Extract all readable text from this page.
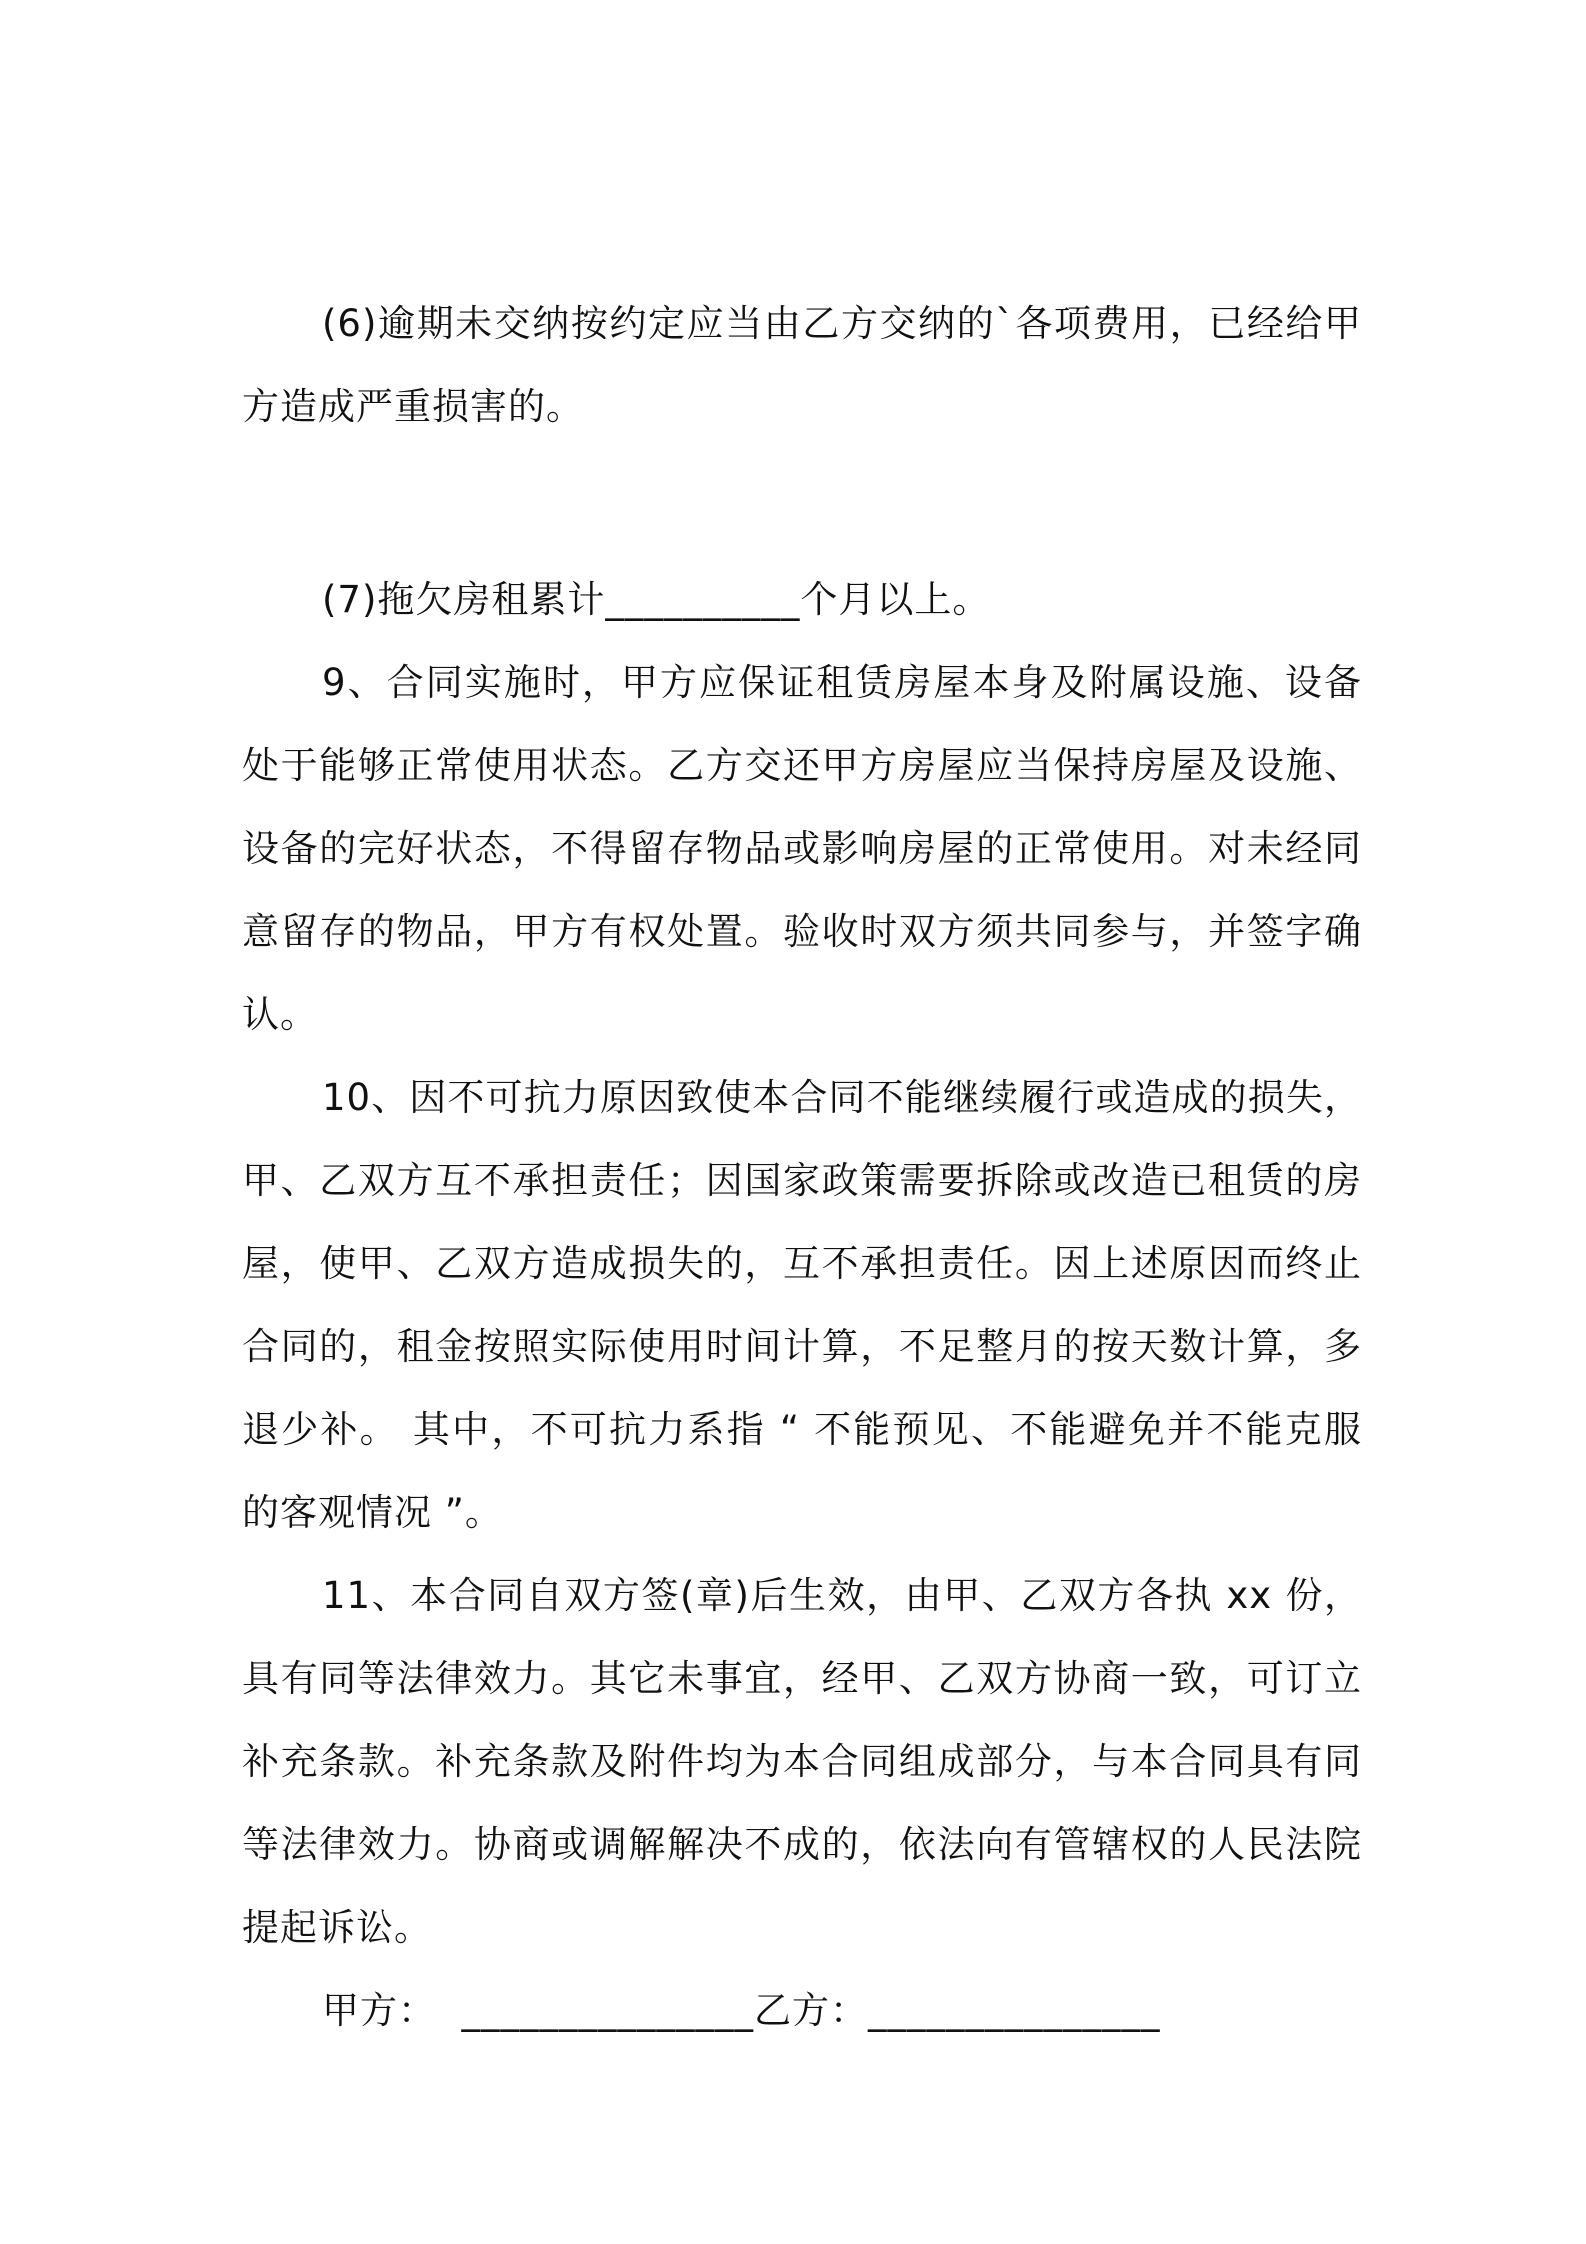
(6)逾期未交纳按约定应当由乙方交纳的`各项费用，已经给甲方造成严重损害的。

(7)拖欠房租累计__________个月以上。

9、合同实施时，甲方应保证租赁房屋本身及附属设施、设备处于能够正常使用状态。乙方交还甲方房屋应当保持房屋及设施、设备的完好状态，不得留存物品或影响房屋的正常使用。对未经同意留存的物品，甲方有权处置。验收时双方须共同参与，并签字确认。

10、因不可抗力原因致使本合同不能继续履行或造成的损失，甲、乙双方互不承担责任；因国家政策需要拆除或改造已租赁的房屋，使甲、乙双方造成损失的，互不承担责任。因上述原因而终止合同的，租金按照实际使用时间计算，不足整月的按天数计算，多退少补。 其中，不可抗力系指 “ 不能预见、不能避免并不能克服的客观情况 ”。

11、本合同自双方签(章)后生效，由甲、乙双方各执 xx 份，具有同等法律效力。其它未事宜，经甲、乙双方协商一致，可订立补充条款。补充条款及附件均为本合同组成部分，与本合同具有同等法律效力。协商或调解解决不成的，依法向有管辖权的人民法院提起诉讼。

甲方：  _______________乙方：_______________
